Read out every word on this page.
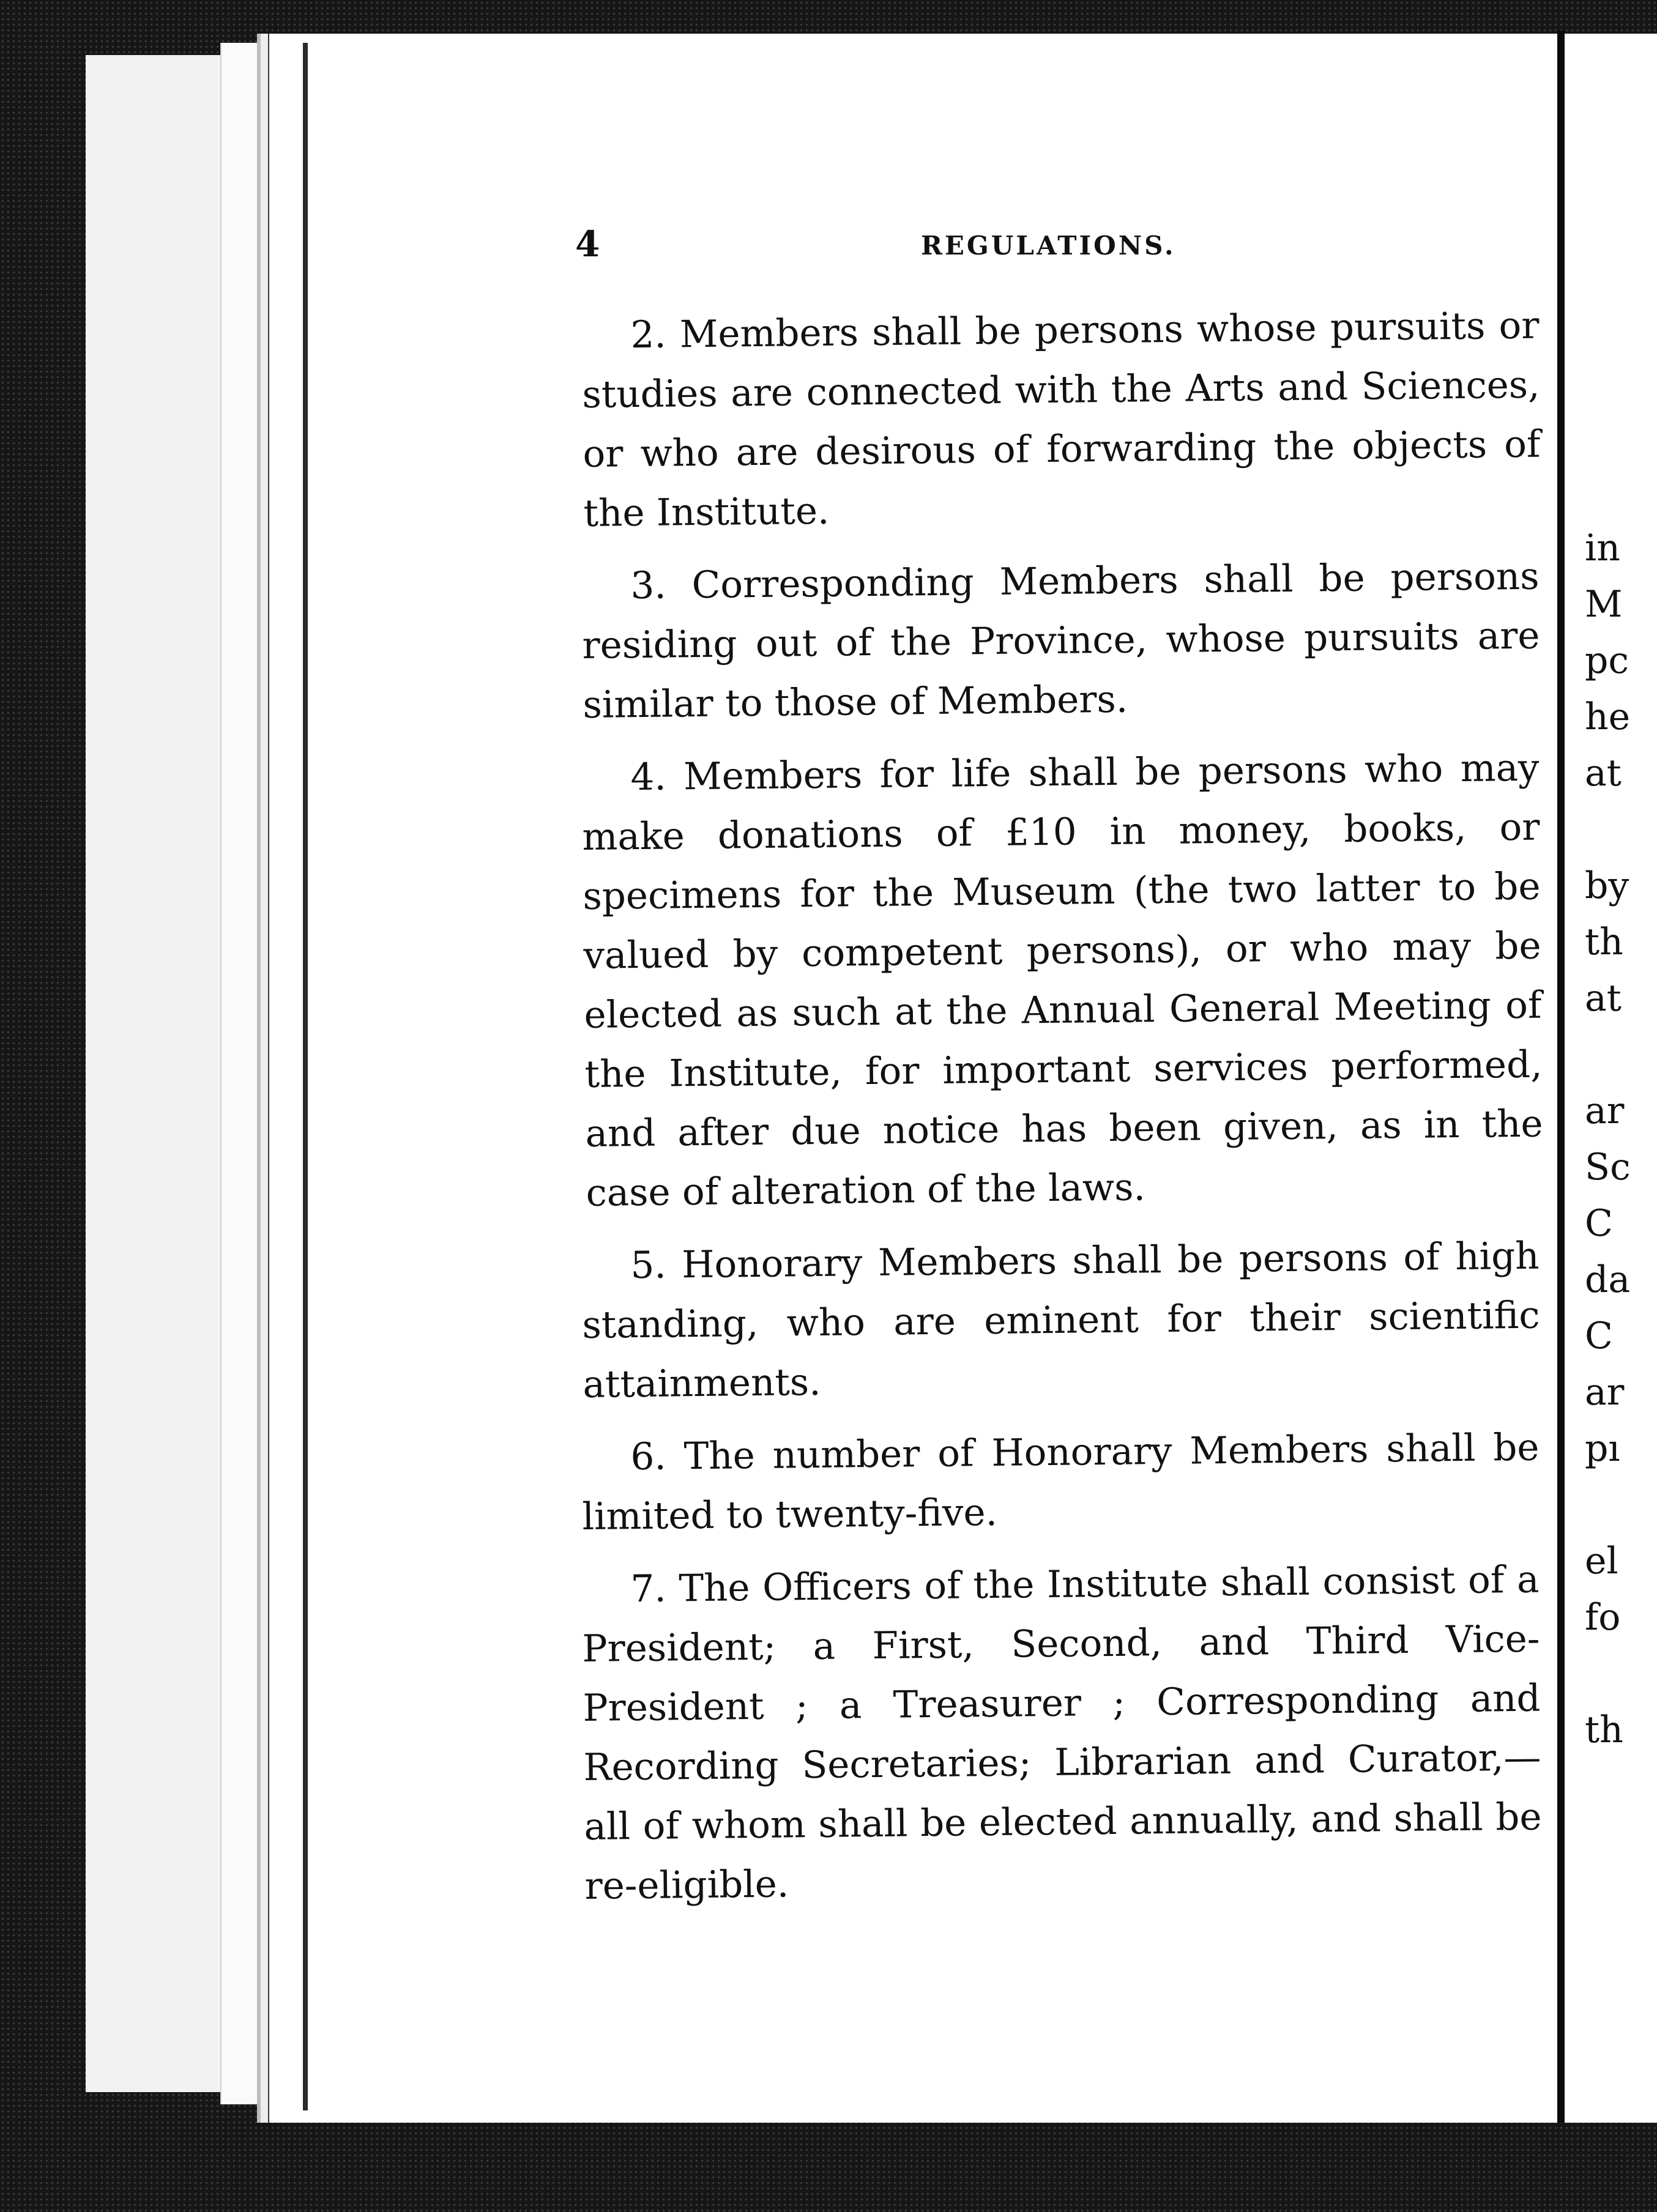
4	REGULATIONS.

2. Members shall be persons whose pursuits or studies are connected with the Arts and Sciences, or who are desirous of forwarding the objects of the Institute.

3. Corresponding Members shall be persons residing out of the Province, whose pursuits are similar to those of Members.

4. Members for life shall be persons who may make donations of £10 in money, books, or specimens for the Museum (the two latter to be valued by competent persons), or who may be elected as such at the Annual General Meeting of the Institute, for important services performed, and after due notice has been given, as in the case of alteration of the laws.

5. Honorary Members shall be persons of high standing, who are eminent for their scientific attainments.

6. The number of Honorary Members shall be limited to twenty-five.

7. The Officers of the Institute shall consist of a President; a First, Second, and Third Vice-President ; a Treasurer ; Corresponding and Recording Secretaries; Librarian and Curator,—all of whom shall be elected annually, and shall be re-eligible.

in
M
pc
he
at
by
th
at
ar
Sc
C
da
C
ar
pı
el
fo
th
